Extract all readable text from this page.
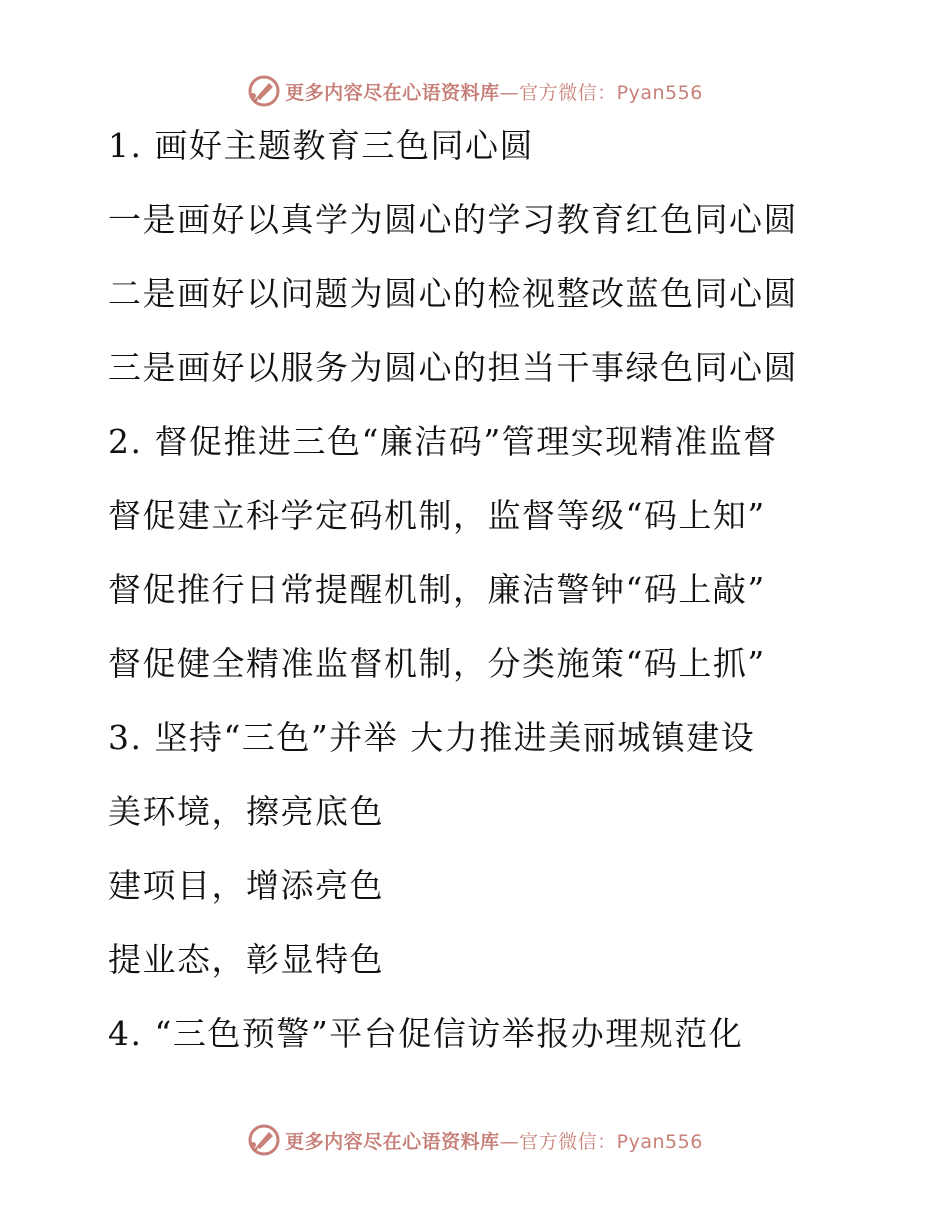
更多内容尽在心语资料库—官方微信：Pyan556
1. 画好主题教育三色同心圆
一是画好以真学为圆心的学习教育红色同心圆
二是画好以问题为圆心的检视整改蓝色同心圆
三是画好以服务为圆心的担当干事绿色同心圆
2. 督促推进三色“廉洁码”管理实现精准监督
督促建立科学定码机制，监督等级“码上知”
督促推行日常提醒机制，廉洁警钟“码上敲”
督促健全精准监督机制，分类施策“码上抓”
3. 坚持“三色”并举 大力推进美丽城镇建设
美环境，擦亮底色
建项目，增添亮色
提业态，彰显特色
4. “三色预警”平台促信访举报办理规范化
更多内容尽在心语资料库—官方微信：Pyan556
